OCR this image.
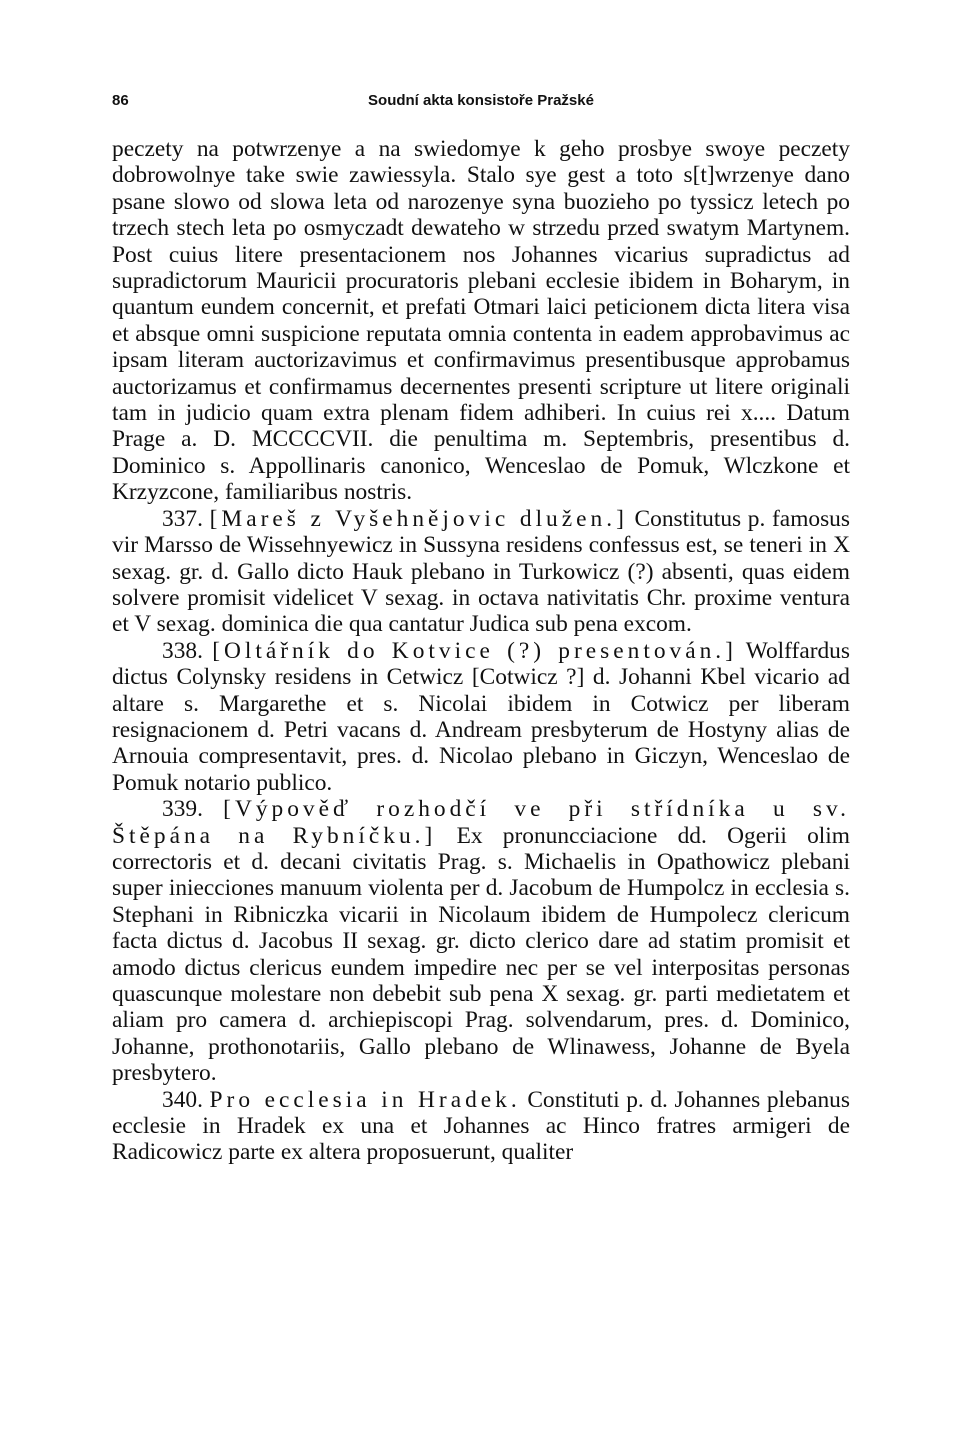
86	Soudní akta konsistoře Pražské

peczety na potwrzenye a na swiedomye k geho prosbye swoye peczety dobrowolnye take swie zawiessyla. Stalo sye gest a toto s[t]wrzenye dano psane slowo od slowa leta od narozenye syna buozieho po tyssicz letech po trzech stech leta po osmyczadt dewateho w strzedu przed swatym Martynem. Post cuius litere presentacionem nos Johannes vicarius supradictus ad supradictorum Mauricii procuratoris plebani ecclesie ibidem in Boharym, in quantum eundem concernit, et prefati Otmari laici peticionem dicta litera visa et absque omni suspicione reputata omnia contenta in eadem approbavimus ac ipsam literam auctorizavimus et confirmavimus presentibusque approbamus auctorizamus et confirmamus decernentes presenti scripture ut litere originali tam in judicio quam extra plenam fidem adhiberi. In cuius rei x.... Datum Prage a. D. MCCCCVII. die penultima m. Septembris, presentibus d. Dominico s. Appollinaris canonico, Wenceslao de Pomuk, Wlczkone et Krzyzcone, familiaribus nostris.

337. [Mareš z Vyšehnějovic dlužen.] Constitutus p. famosus vir Marsso de Wissehnyewicz in Sussyna residens confessus est, se teneri in X sexag. gr. d. Gallo dicto Hauk plebano in Turkowicz (?) absenti, quas eidem solvere promisit videlicet V sexag. in octava nativitatis Chr. proxime ventura et V sexag. dominica die qua cantatur Judica sub pena excom.

338. [Oltářník do Kotvice (?) presentován.] Wolffardus dictus Colynsky residens in Cetwicz [Cotwicz ?] d. Johanni Kbel vicario ad altare s. Margarethe et s. Nicolai ibidem in Cotwicz per liberam resignacionem d. Petri vacans d. Andream presbyterum de Hostyny alias de Arnouia compresentavit, pres. d. Nicolao plebano in Giczyn, Wenceslao de Pomuk notario publico.

339. [Výpověď rozhodčí ve při střídníka u sv. Štěpána na Rybníčku.] Ex pronuncciacione dd. Ogerii olim correctoris et d. decani civitatis Prag. s. Michaelis in Opathowicz plebani super iniecciones manuum violenta per d. Jacobum de Humpolcz in ecclesia s. Stephani in Ribniczka vicarii in Nicolaum ibidem de Humpolecz clericum facta dictus d. Jacobus II sexag. gr. dicto clerico dare ad statim promisit et amodo dictus clericus eundem impedire nec per se vel interpositas personas quascunque molestare non debebit sub pena X sexag. gr. parti medietatem et aliam pro camera d. archiepiscopi Prag. solvendarum, pres. d. Dominico, Johanne, prothonotariis, Gallo plebano de Wlinawess, Johanne de Byela presbytero.

340. Pro ecclesia in Hradek. Constituti p. d. Johannes plebanus ecclesie in Hradek ex una et Johannes ac Hinco fratres armigeri de Radicowicz parte ex altera proposuerunt, qualiter
